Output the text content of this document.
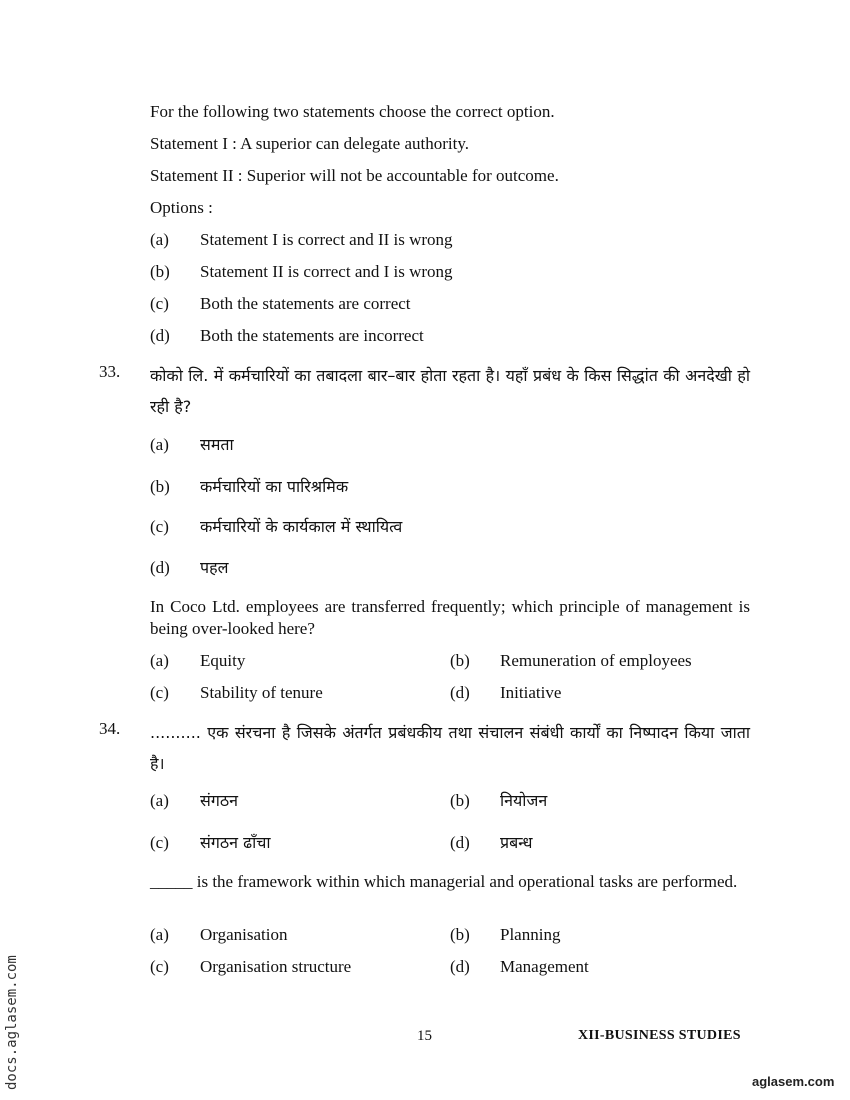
For the following two statements choose the correct option.
Statement I : A superior can delegate authority.
Statement II : Superior will not be accountable for outcome.
Options :
(a) Statement I is correct and II is wrong
(b) Statement II is correct and I is wrong
(c) Both the statements are correct
(d) Both the statements are incorrect
33. कोको लि. में कर्मचारियों का तबादला बार–बार होता रहता है। यहाँ प्रबंध के किस सिद्धांत की अनदेखी हो रही है?
(a) समता
(b) कर्मचारियों का पारिश्रमिक
(c) कर्मचारियों के कार्यकाल में स्थायित्व
(d) पहल
In Coco Ltd. employees are transferred frequently; which principle of management is being over-looked here?
(a) Equity	(b) Remuneration of employees
(c) Stability of tenure	(d) Initiative
34. .......... एक संरचना है जिसके अंतर्गत प्रबंधकीय तथा संचालन संबंधी कार्यों का निष्पादन किया जाता है।
(a) संगठन	(b) नियोजन
(c) संगठन ढाँचा	(d) प्रबन्ध
_____ is the framework within which managerial and operational tasks are performed.
(a) Organisation	(b) Planning
(c) Organisation structure	(d) Management
15	XII-BUSINESS STUDIES
docs.aglasem.com	aglasem.com
